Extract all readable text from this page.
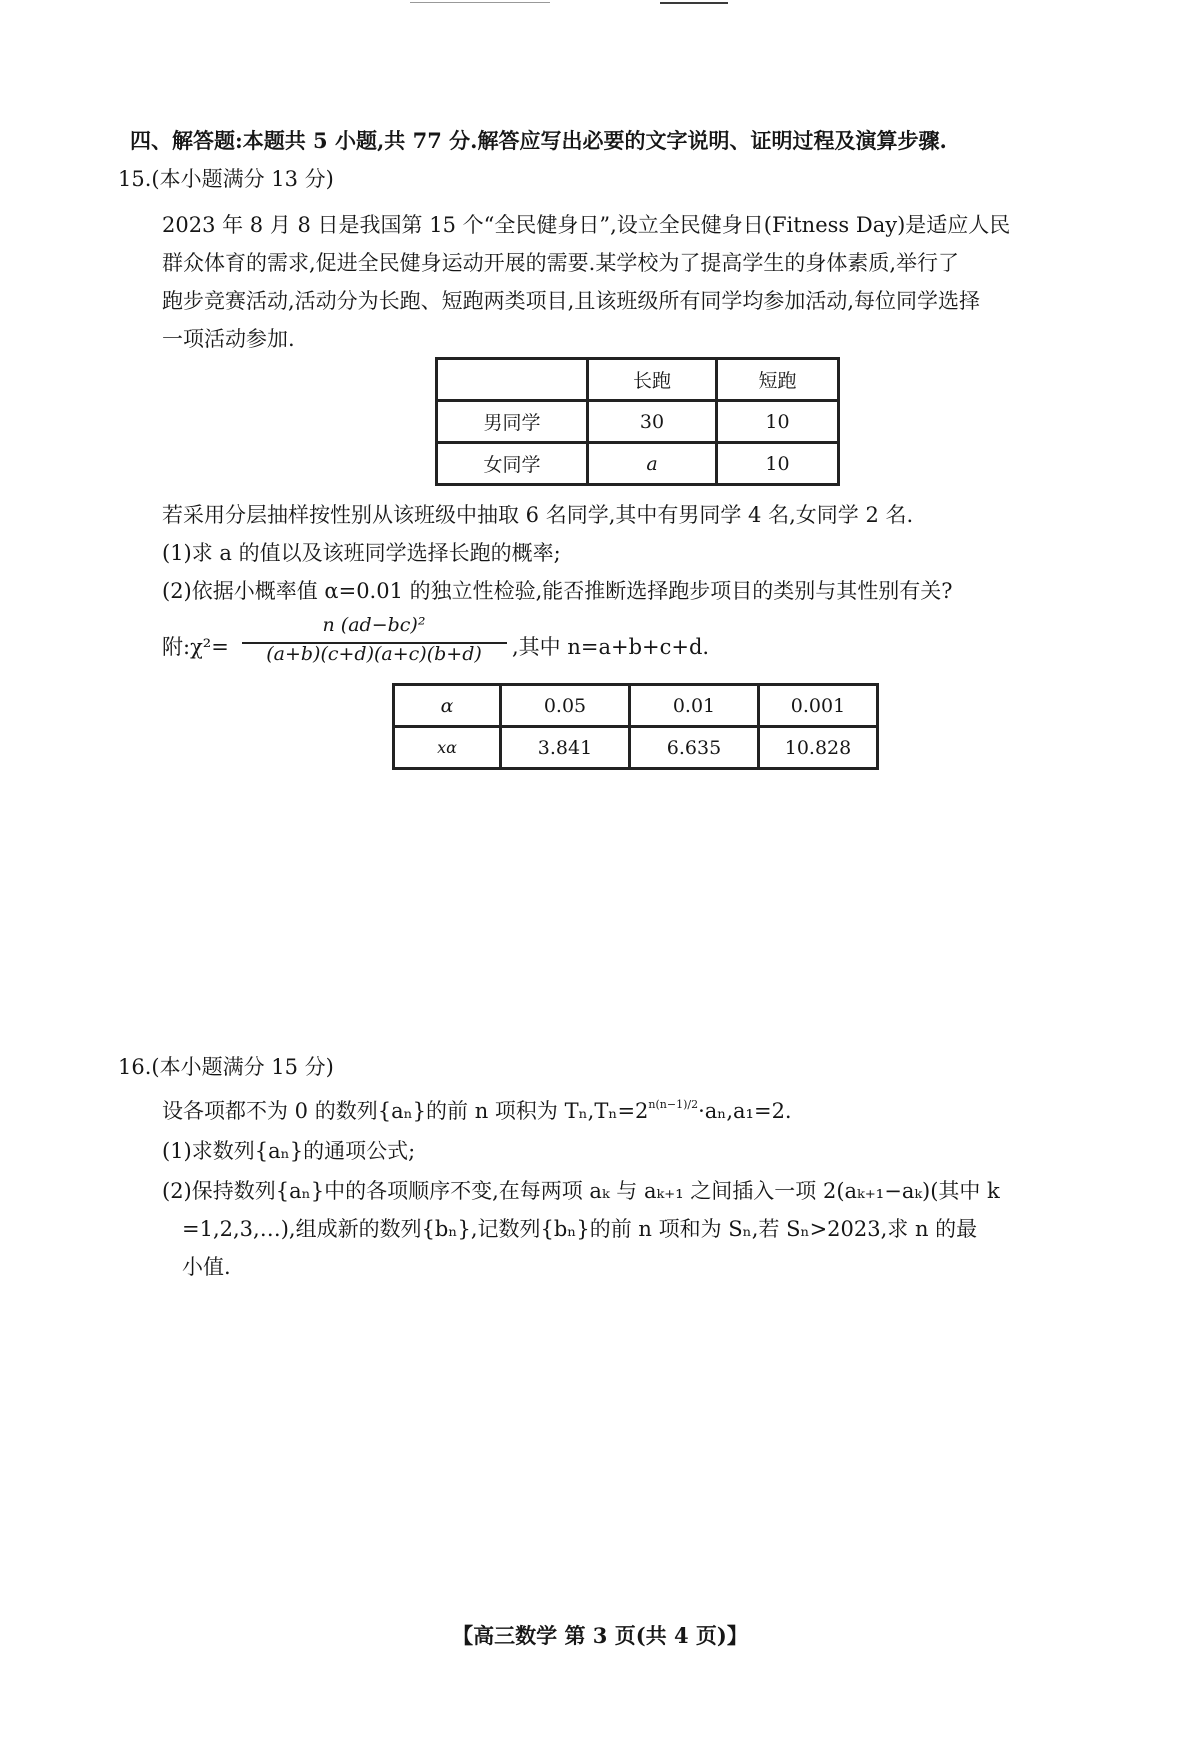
四、解答题:本题共 5 小题,共 77 分.解答应写出必要的文字说明、证明过程及演算步骤.
15.(本小题满分 13 分)
2023 年 8 月 8 日是我国第 15 个“全民健身日”,设立全民健身日(Fitness Day)是适应人民
群众体育的需求,促进全民健身运动开展的需要.某学校为了提高学生的身体素质,举行了
跑步竞赛活动,活动分为长跑、短跑两类项目,且该班级所有同学均参加活动,每位同学选择
一项活动参加.
	长跑	短跑
男同学	30	10
女同学	a	10
若采用分层抽样按性别从该班级中抽取 6 名同学,其中有男同学 4 名,女同学 2 名.
(1)求 a 的值以及该班同学选择长跑的概率;
(2)依据小概率值 α=0.01 的独立性检验,能否推断选择跑步项目的类别与其性别有关?
附:χ²=
n (ad−bc)²
(a+b)(c+d)(a+c)(b+d)	,其中 n=a+b+c+d.
α	0.05	0.01	0.001
xα	3.841	6.635	10.828
16.(本小题满分 15 分)
设各项都不为 0 的数列{aₙ}的前 n 项积为 $T_n,T_n=2^{n(n-1)/2}\cdot a_n,a_1=2$.
(1)求数列{aₙ}的通项公式;
(2)保持数列{aₙ}中的各项顺序不变,在每两项 aₖ 与 aₖ₊₁ 之间插入一项 2(aₖ₊₁−aₖ)(其中 k
=1,2,3,…),组成新的数列{bₙ},记数列{bₙ}的前 n 项和为 Sₙ,若 Sₙ>2023,求 n 的最
小值.
【高三数学 第 3 页(共 4 页)】
